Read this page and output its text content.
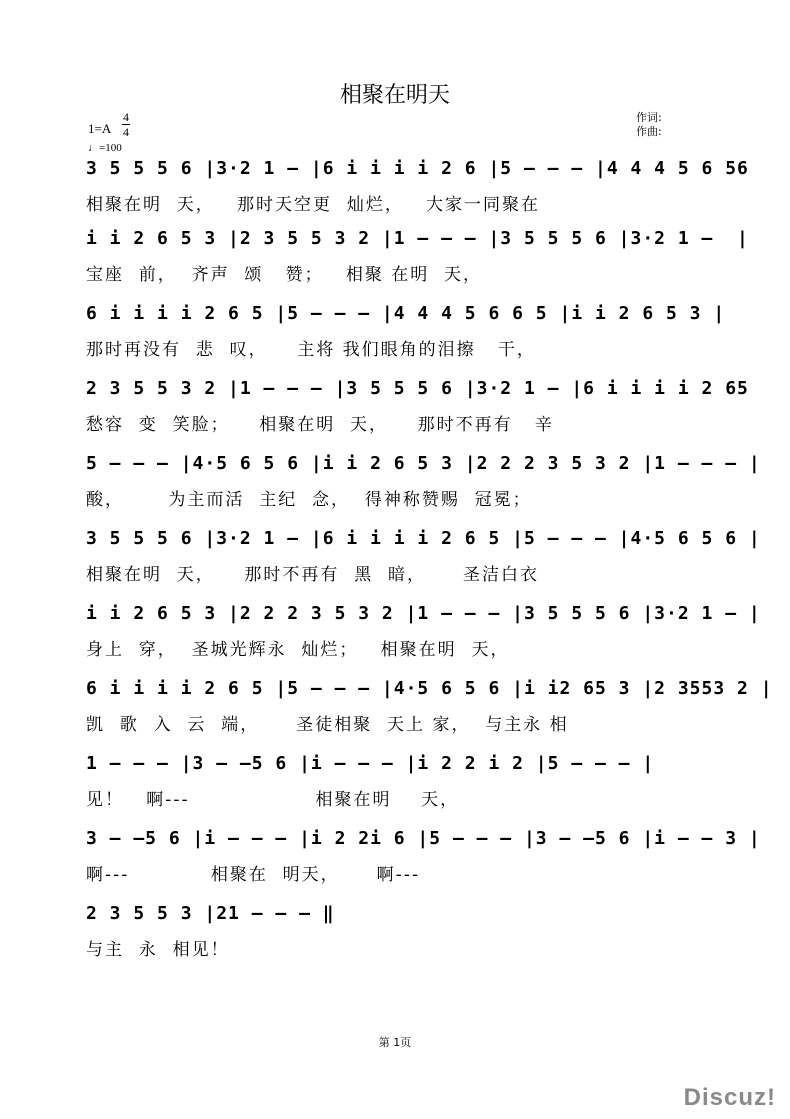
相聚在明天
1=A
4
4
♩=100
作词:
作曲:
3 5 5 5 6 |3·2 1 – |6 i i i i 2 6 |5 – – – |4 4 4 5 6 56
相聚在明  天，   那时天空更  灿烂，   大家一同聚在
i i 2 6 5 3 |2 3 5 5 3 2 |1 – – – |3 5 5 5 6 |3·2 1 –  |
宝座  前，  齐声  颂   赞；   相聚 在明  天，
6 i i i i 2 6 5 |5 – – – |4 4 4 5 6 6 5 |i i 2 6 5 3 |
那时再没有  悲  叹，    主将 我们眼角的泪擦   干，
2 3 5 5 3 2 |1 – – – |3 5 5 5 6 |3·2 1 – |6 i i i i 2 65
愁容  变  笑脸；    相聚在明  天，    那时不再有   辛
5 – – – |4·5 6 5 6 |i i 2 6 5 3 |2 2 2 3 5 3 2 |1 – – – |
酸，      为主而活  主纪  念，  得神称赞赐  冠冕；
3 5 5 5 6 |3·2 1 – |6 i i i i 2 6 5 |5 – – – |4·5 6 5 6 |
相聚在明  天，    那时不再有  黑  暗，     圣洁白衣
i i 2 6 5 3 |2 2 2 3 5 3 2 |1 – – – |3 5 5 5 6 |3·2 1 – |
身上  穿，  圣城光辉永  灿烂；   相聚在明  天，
6 i i i i 2 6 5 |5 – – – |4·5 6 5 6 |i i2 65 3 |2 3553 2 |
凯  歌  入  云  端，     圣徒相聚  天上 家，  与主永 相
1 – – – |3 – –5 6 |i – – – |i 2 2 i 2 |5 – – – |
见！   啊---                 相聚在明    天，
3 – –5 6 |i – – – |i 2 2i 6 |5 – – – |3 – –5 6 |i – – 3 |
啊---           相聚在  明天，     啊---
2 3 5 5 3 |21 – – – ‖
与主  永  相见！
第 1页
Discuz!
